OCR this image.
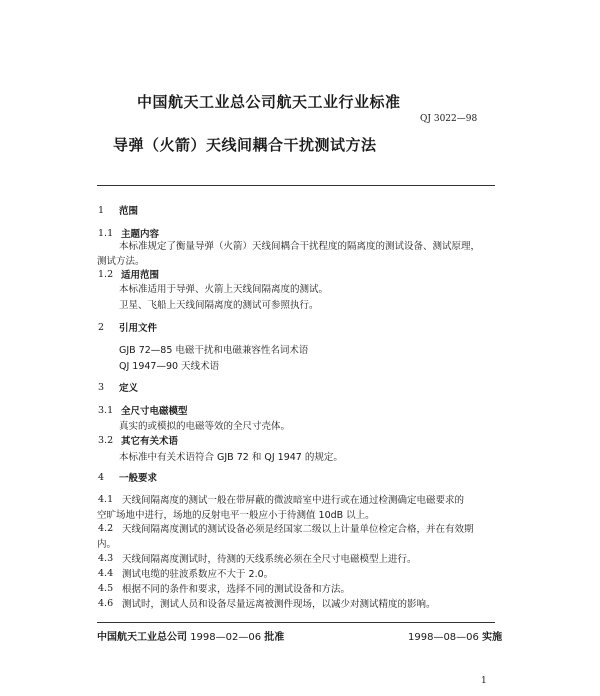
中国航天工业总公司航天工业行业标准
QJ 3022—98
导弹（火箭）天线间耦合干扰测试方法
1 范围
1.1 主题内容
本标准规定了衡量导弹（火箭）天线间耦合干扰程度的隔离度的测试设备、测试原理，
测试方法。
1.2 适用范围
本标准适用于导弹、火箭上天线间隔离度的测试。
卫星、飞船上天线间隔离度的测试可参照执行。
2 引用文件
GJB 72—85 电磁干扰和电磁兼容性名词术语
QJ 1947—90 天线术语
3 定义
3.1 全尺寸电磁模型
真实的或模拟的电磁等效的全尺寸壳体。
3.2 其它有关术语
本标准中有关术语符合 GJB 72 和 QJ 1947 的规定。
4 一般要求
4.1 天线间隔离度的测试一般在带屏蔽的微波暗室中进行或在通过检测确定电磁要求的
空旷场地中进行，场地的反射电平一般应小于待测值 10dB 以上。
4.2 天线间隔离度测试的测试设备必须是经国家二级以上计量单位检定合格，并在有效期
内。
4.3 天线间隔离度测试时，待测的天线系统必须在全尺寸电磁模型上进行。
4.4 测试电缆的驻波系数应不大于 2.0。
4.5 根据不同的条件和要求，选择不同的测试设备和方法。
4.6 测试时，测试人员和设备尽量远离被测件现场，以减少对测试精度的影响。
中国航天工业总公司 1998—02—06 批准	1998—08—06 实施
1
